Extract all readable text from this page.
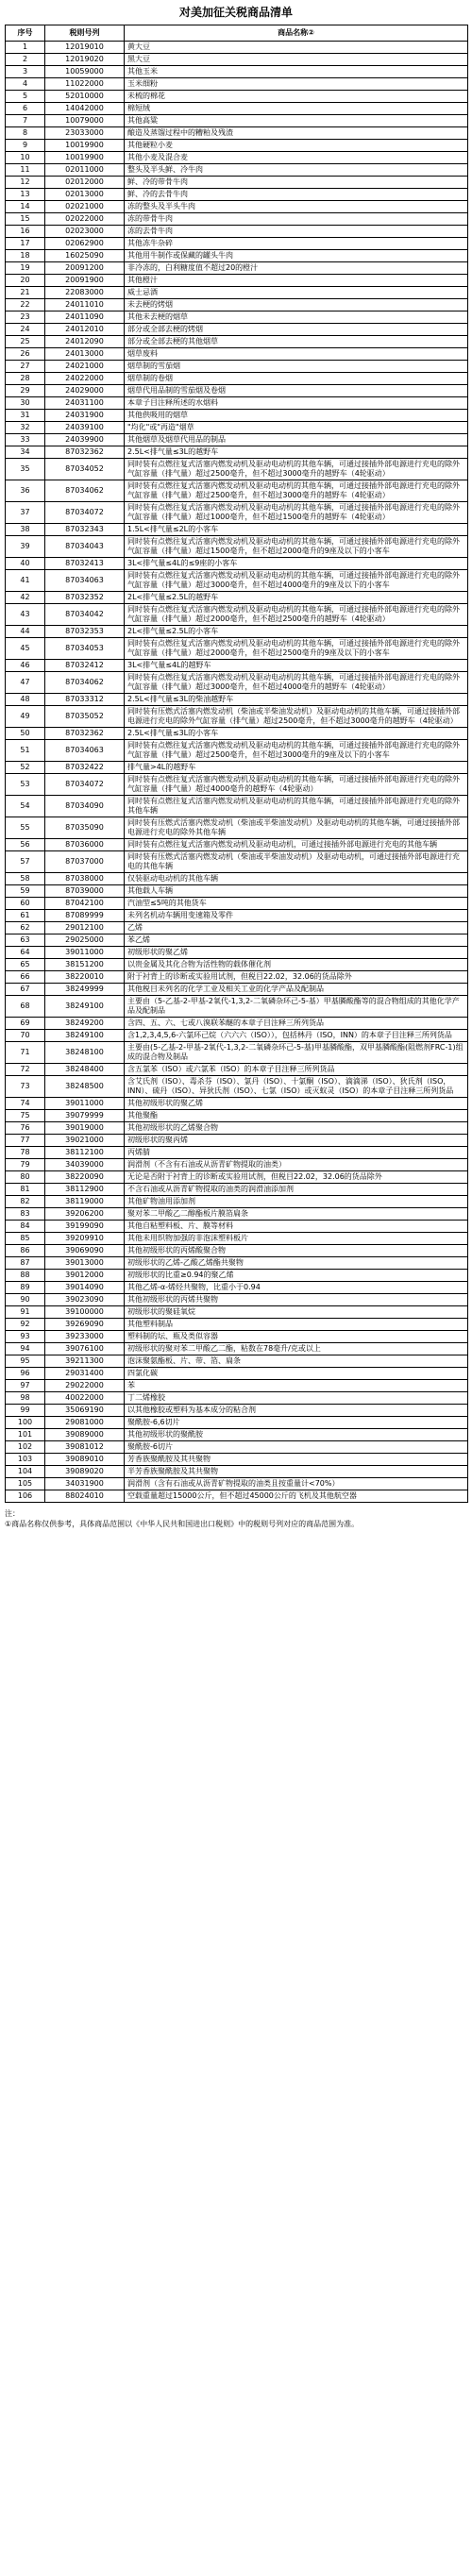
对美加征关税商品清单
序号	税则号列	商品名称②
1	12019010	黄大豆
2	12019020	黑大豆
3	10059000	其他玉米
4	11022000	玉米细粉
5	52010000	未梳的棉花
6	14042000	棉短绒
7	10079000	其他高粱
8	23033000	酿造及蒸馏过程中的糟粕及残渣
9	10019900	其他硬粒小麦
10	10019900	其他小麦及混合麦
11	02011000	整头及半头鲜、冷牛肉
12	02012000	鲜、冷的带骨牛肉
13	02013000	鲜、冷的去骨牛肉
14	02021000	冻的整头及半头牛肉
15	02022000	冻的带骨牛肉
16	02023000	冻的去骨牛肉
17	02062900	其他冻牛杂碎
18	16025090	其他用牛制作或保藏的罐头牛肉
19	20091200	非冷冻的，白利糖度值不超过20的橙汁
20	20091900	其他橙汁
21	22083000	威士忌酒
22	24011010	未去梗的烤烟
23	24011090	其他未去梗的烟草
24	24012010	部分或全部去梗的烤烟
25	24012090	部分或全部去梗的其他烟草
26	24013000	烟草废料
27	24021000	烟草制的雪茄烟
28	24022000	烟草制的卷烟
29	24029000	烟草代用品制的雪茄烟及卷烟
30	24031100	本章子目注释所述的水烟料
31	24031900	其他供吸用的烟草
32	24039100	"均化"或"再造"烟草
33	24039900	其他烟草及烟草代用品的制品
34	87032362	2.5L<排气量≤3L的越野车
35	87034052	同时装有点燃往复式活塞内燃发动机及驱动电动机的其他车辆，可通过接插外部电源进行充电的除外气缸容量（排气量）超过2500毫升，但不超过3000毫升的越野车（4轮驱动）
36	87034062	同时装有点燃往复式活塞内燃发动机及驱动电动机的其他车辆，可通过接插外部电源进行充电的除外气缸容量（排气量）超过2500毫升，但不超过3000毫升的越野车（4轮驱动）
37	87034072	同时装有点燃往复式活塞内燃发动机及驱动电动机的其他车辆，可通过接插外部电源进行充电的除外气缸容量（排气量）超过1000毫升，但不超过1500毫升的越野车（4轮驱动）
38	87032343	1.5L<排气量≤2L的小客车
39	87034043	同时装有点燃往复式活塞内燃发动机及驱动电动机的其他车辆，可通过接插外部电源进行充电的除外气缸容量（排气量）超过1500毫升，但不超过2000毫升的9座及以下的小客车
40	87032413	3L<排气量≤4L的≤9座的小客车
41	87034063	同时装有点燃往复式活塞内燃发动机及驱动电动机的其他车辆，可通过接插外部电源进行充电的除外气缸容量（排气量）超过3000毫升，但不超过4000毫升的9座及以下的小客车
42	87032352	2L<排气量≤2.5L的越野车
43	87034042	同时装有点燃往复式活塞内燃发动机及驱动电动机的其他车辆，可通过接插外部电源进行充电的除外气缸容量（排气量）超过2000毫升，但不超过2500毫升的越野车（4轮驱动）
44	87032353	2L<排气量≤2.5L的小客车
45	87034053	同时装有点燃往复式活塞内燃发动机及驱动电动机的其他车辆，可通过接插外部电源进行充电的除外气缸容量（排气量）超过2000毫升，但不超过2500毫升的9座及以下的小客车
46	87032412	3L<排气量≤4L的越野车
47	87034062	同时装有点燃往复式活塞内燃发动机及驱动电动机的其他车辆，可通过接插外部电源进行充电的除外气缸容量（排气量）超过3000毫升，但不超过4000毫升的越野车（4轮驱动）
48	87033312	2.5L<排气量≤3L的柴油越野车
49	87035052	同时装有压燃式活塞内燃发动机（柴油或半柴油发动机）及驱动电动机的其他车辆，可通过接插外部电源进行充电的除外气缸容量（排气量）超过2500毫升，但不超过3000毫升的越野车（4轮驱动）
50	87032362	2.5L<排气量≤3L的小客车
51	87034063	同时装有点燃往复式活塞内燃发动机及驱动电动机的其他车辆，可通过接插外部电源进行充电的除外气缸容量（排气量）超过2500毫升，但不超过3000毫升的9座及以下的小客车
52	87032422	排气量>4L的越野车
53	87034072	同时装有点燃往复式活塞内燃发动机及驱动电动机的其他车辆，可通过接插外部电源进行充电的除外气缸容量（排气量）超过4000毫升的越野车（4轮驱动）
54	87034090	同时装有点燃往复式活塞内燃发动机及驱动电动机的其他车辆，可通过接插外部电源进行充电的除外其他车辆
55	87035090	同时装有压燃式活塞内燃发动机（柴油或半柴油发动机）及驱动电动机的其他车辆，可通过接插外部电源进行充电的除外其他车辆
56	87036000	同时装有点燃往复式活塞内燃发动机及驱动电动机，可通过接插外部电源进行充电的其他车辆
57	87037000	同时装有压燃式活塞内燃发动机（柴油或半柴油发动机）及驱动电动机，可通过接插外部电源进行充电的其他车辆
58	87038000	仅装驱动电动机的其他车辆
59	87039000	其他载人车辆
60	87042100	汽油型≤5吨的其他货车
61	87089999	未列名机动车辆用变速箱及零件
62	29012100	乙烯
63	29025000	苯乙烯
64	39011000	初级形状的聚乙烯
65	38151200	以贵金属及其化合物为活性物的载体催化剂
66	38220010	附于衬背上的诊断或实验用试剂，但税目22.02，32.06的货品除外
67	38249999	其他税目未列名的化学工业及相关工业的化学产品及配制品
68	38249100	主要由（5-乙基-2-甲基-2氧代-1,3,2-二氧磷杂环己-5-基）甲基膦酸酯等的混合物组成的其他化学产品及配制品
69	38249200	含四、五、六、七或八溴联苯醚的本章子目注释三所列货品
70	38249100	含1,2,3,4,5,6-六氯环己烷（六六六（ISO）），包括林丹（ISO，INN）的本章子目注释三所列货品
71	38248100	主要由(5-乙基-2-甲基-2氧代-1,3,2-二氧磷杂环己-5-基)甲基膦酸酯，双甲基膦酸酯(阻燃剂FRC-1)组成的混合物及制品
72	38248400	含五氯苯（ISO）或六氯苯（ISO）的本章子目注释三所列货品
73	38248500	含艾氏剂（ISO）、毒杀芬（ISO）、氯丹（ISO）、十氯酮（ISO）、滴滴涕（ISO）、狄氏剂（ISO，INN）、硫丹（ISO）、异狄氏剂（ISO）、七氯（ISO）或灭蚁灵（ISO）的本章子目注释三所列货品
74	39011000	其他初级形状的聚乙烯
75	39079999	其他聚酯
76	39019000	其他初级形状的乙烯聚合物
77	39021000	初级形状的聚丙烯
78	38112100	丙烯腈
79	34039000	润滑剂（不含有石油或从沥青矿物提取的油类）
80	38220090	无论是否附于衬背上的诊断或实验用试剂，但税目22.02，32.06的货品除外
81	38112900	不含石油或从沥青矿物提取的油类的润滑油添加剂
82	38119000	其他矿物油用添加剂
83	39206200	聚对苯二甲酸乙二醇酯板片膜箔扁条
84	39199090	其他自粘塑料板、片、膜等材料
85	39209910	其他未用织物加强的非泡沫塑料板片
86	39069090	其他初级形状的丙烯酸聚合物
87	39013000	初级形状的乙烯-乙酸乙烯酯共聚物
88	39012000	初级形状的比重≥0.94的聚乙烯
89	39014090	其他乙烯-α-烯烃共聚物，比重小于0.94
90	39023090	其他初级形状的丙烯共聚物
91	39100000	初级形状的聚硅氧烷
92	39269090	其他塑料制品
93	39233000	塑料制的坛、瓶及类似容器
94	39076100	初级形状的聚对苯二甲酸乙二酯，粘数在78毫升/克或以上
95	39211300	泡沫聚氨酯板、片、带、箔、扁条
96	29031400	四氯化碳
97	29022000	苯
98	40022000	丁二烯橡胶
99	35069190	以其他橡胶或塑料为基本成分的粘合剂
100	29081000	聚酰胺-6,6切片
101	39089000	其他初级形状的聚酰胺
102	39081012	聚酰胺-6切片
103	39089010	芳香族聚酰胺及其共聚物
104	39089020	半芳香族聚酰胺及其共聚物
105	34031900	润滑剂（含有石油或从沥青矿物提取的油类且按重量计<70%）
106	88024010	空载重量超过15000公斤，但不超过45000公斤的飞机及其他航空器
注：
①商品名称仅供参考，具体商品范围以《中华人民共和国进出口税则》中的税则号列对应的商品范围为准。
